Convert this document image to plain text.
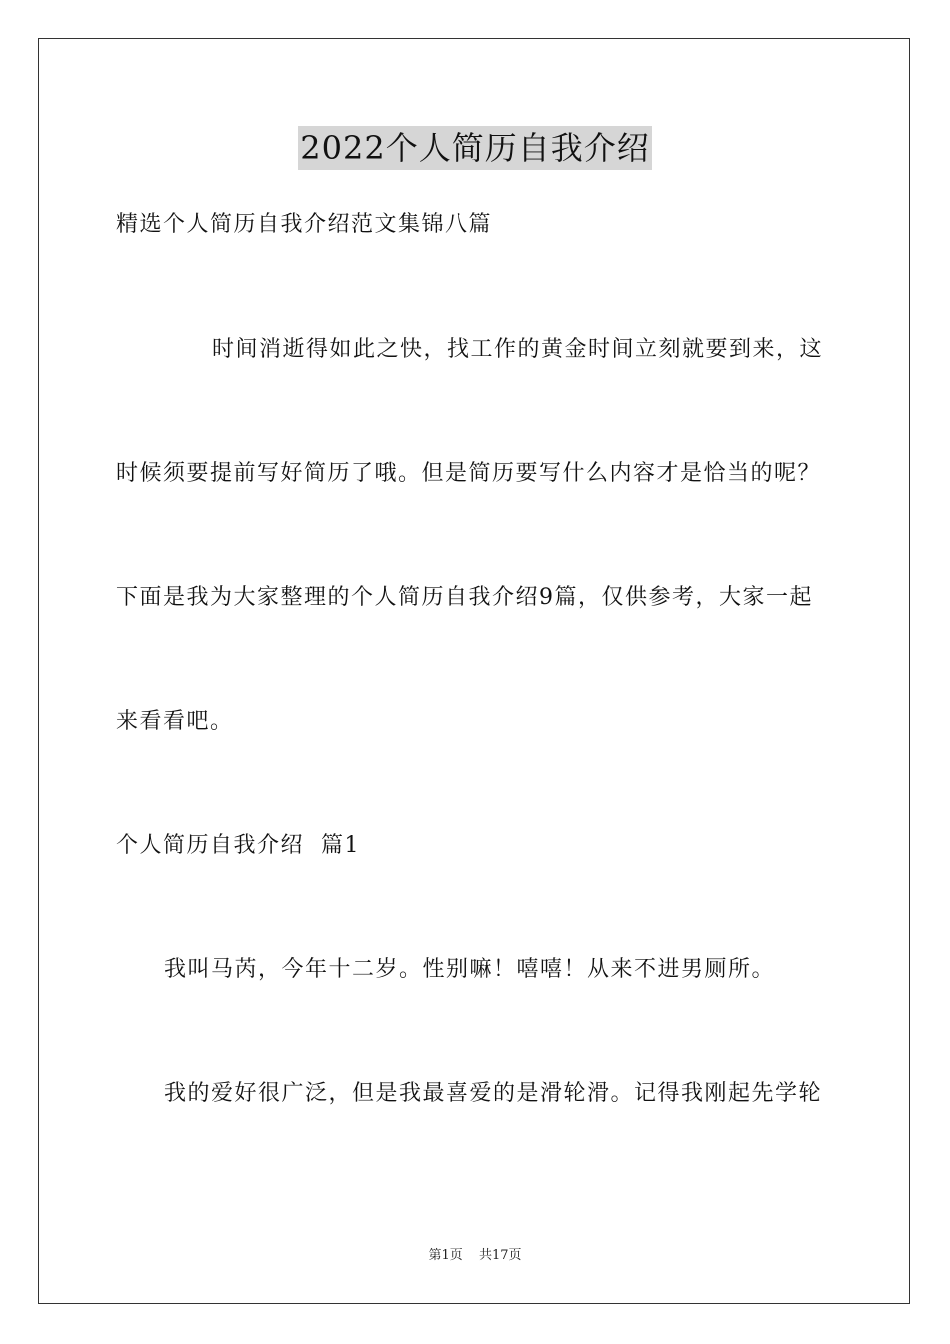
2022个人简历自我介绍
精选个人简历自我介绍范文集锦八篇
时间消逝得如此之快，找工作的黄金时间立刻就要到来，这
时候须要提前写好简历了哦。但是简历要写什么内容才是恰当的呢？
下面是我为大家整理的个人简历自我介绍9篇，仅供参考，大家一起
来看看吧。
个人简历自我介绍  篇1
我叫马芮，今年十二岁。性别嘛！嘻嘻！从来不进男厕所。
我的爱好很广泛，但是我最喜爱的是滑轮滑。记得我刚起先学轮
第1页 共17页
